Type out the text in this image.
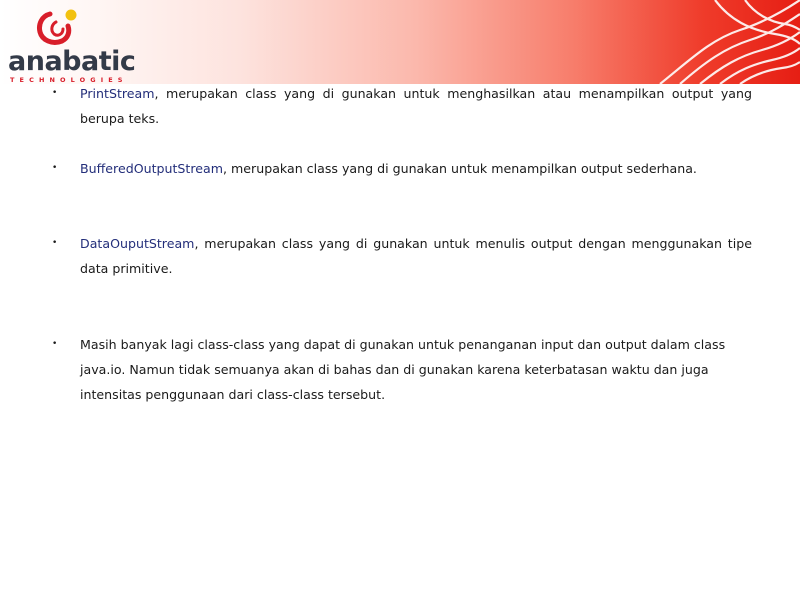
anabatic
TECHNOLOGIES
• PrintStream, merupakan class yang di gunakan untuk menghasilkan atau menampilkan output yang berupa teks.
• BufferedOutputStream, merupakan class yang di gunakan untuk menampilkan output sederhana.
• DataOuputStream, merupakan class yang di gunakan untuk menulis output dengan menggunakan tipe data primitive.
• Masih banyak lagi class-class yang dapat di gunakan untuk penanganan input dan output dalam class java.io. Namun tidak semuanya akan di bahas dan di gunakan karena keterbatasan waktu dan juga intensitas penggunaan dari class-class tersebut.
